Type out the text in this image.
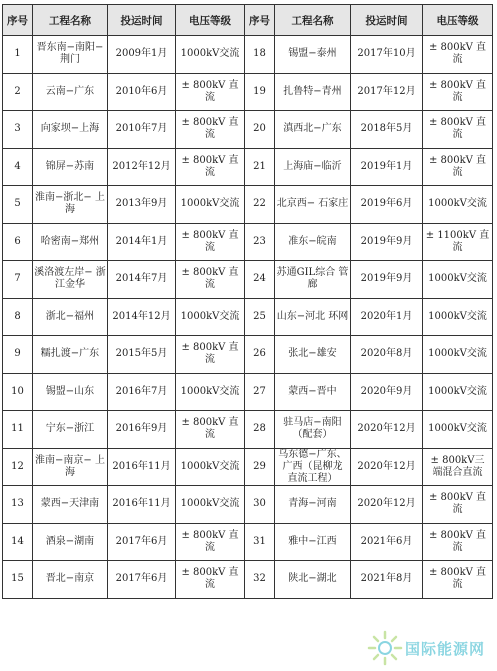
序号	工程名称	投运时间	电压等级	序号	工程名称	投运时间	电压等级
1	晋东南−南阳− 荆门	2009年1月	1000kV交流	18	锡盟−泰州	2017年10月	± 800kV 直流
2	云南−广东	2010年6月	± 800kV 直流	19	扎鲁特−青州	2017年12月	± 800kV 直流
3	向家坝−上海	2010年7月	± 800kV 直流	20	滇西北−广东	2018年5月	± 800kV 直流
4	锦屏−苏南	2012年12月	± 800kV 直流	21	上海庙−临沂	2019年1月	± 800kV 直流
5	淮南−浙北− 上海	2013年9月	1000kV交流	22	北京西− 石家庄	2019年6月	1000kV交流
6	哈密南−郑州	2014年1月	± 800kV 直流	23	准东−皖南	2019年9月	± 1100kV 直流
7	溪洛渡左岸− 浙江金华	2014年7月	± 800kV 直流	24	苏通GIL综合 管廊	2019年9月	1000kV交流
8	浙北−福州	2014年12月	1000kV交流	25	山东−河北 环网	2020年1月	1000kV交流
9	糯扎渡−广东	2015年5月	± 800kV 直流	26	张北−雄安	2020年8月	1000kV交流
10	锡盟−山东	2016年7月	1000kV交流	27	蒙西−晋中	2020年9月	1000kV交流
11	宁东−浙江	2016年9月	± 800kV 直流	28	驻马店−南阳 （配套）	2020年12月	1000kV交流
12	淮南−南京− 上海	2016年11月	1000kV交流	29	乌东德−广东、 广西（昆柳龙 直流工程）	2020年12月	± 800kV三 端混合直流
13	蒙西−天津南	2016年11月	1000kV交流	30	青海−河南	2020年12月	± 800kV 直流
14	酒泉−湖南	2017年6月	± 800kV 直流	31	雅中−江西	2021年6月	± 800kV 直流
15	晋北−南京	2017年6月	± 800kV 直流	32	陕北−湖北	2021年8月	± 800kV 直流
国际能源网
